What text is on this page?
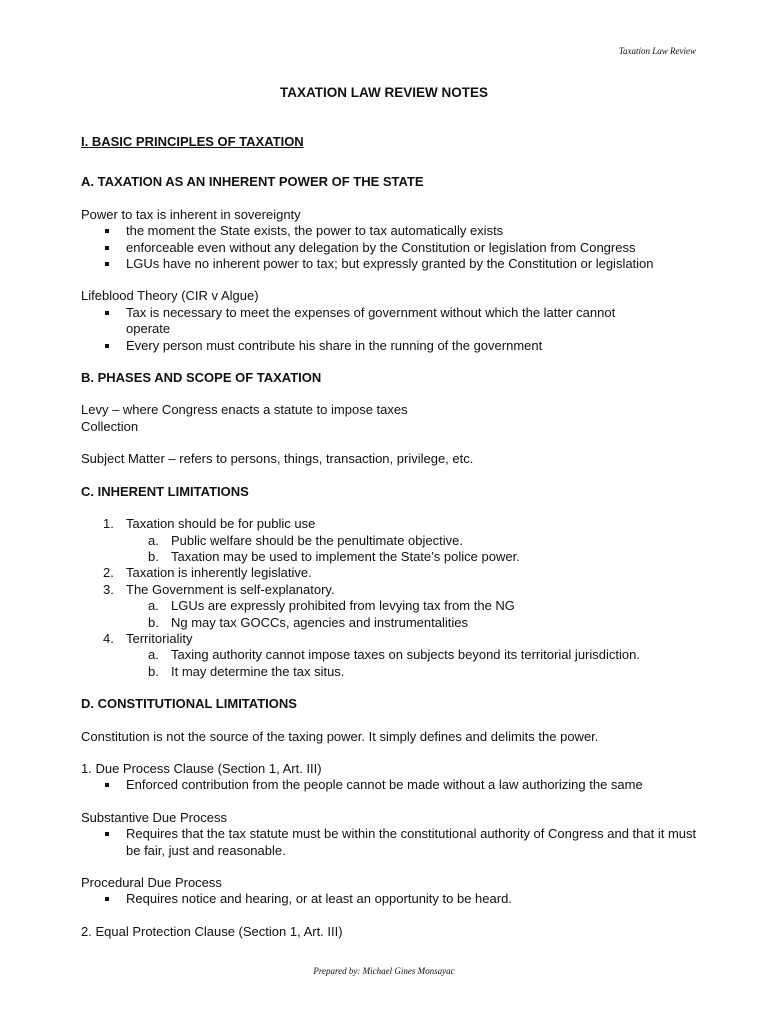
Taxation Law Review
TAXATION LAW REVIEW NOTES

I. BASIC PRINCIPLES OF TAXATION

A. TAXATION AS AN INHERENT POWER OF THE STATE

Power to tax is inherent in sovereignty

the moment the State exists, the power to tax automatically exists
enforceable even without any delegation by the Constitution or legislation from Congress
LGUs have no inherent power to tax; but expressly granted by the Constitution or legislation

Lifeblood Theory (CIR v Algue)

Tax is necessary to meet the expenses of government without which the latter cannot operate
Every person must contribute his share in the running of the government

B. PHASES AND SCOPE OF TAXATION

Levy – where Congress enacts a statute to impose taxes

Collection

Subject Matter – refers to persons, things, transaction, privilege, etc.

C. INHERENT LIMITATIONS

1. Taxation should be for public use
a. Public welfare should be the penultimate objective.
b. Taxation may be used to implement the State’s police power.
2. Taxation is inherently legislative.
3. The Government is self-explanatory.
a. LGUs are expressly prohibited from levying tax from the NG
b. Ng may tax GOCCs, agencies and instrumentalities
4. Territoriality
a. Taxing authority cannot impose taxes on subjects beyond its territorial jurisdiction.
b. It may determine the tax situs.

D. CONSTITUTIONAL LIMITATIONS

Constitution is not the source of the taxing power. It simply defines and delimits the power.

1. Due Process Clause (Section 1, Art. III)

Enforced contribution from the people cannot be made without a law authorizing the same

Substantive Due Process

Requires that the tax statute must be within the constitutional authority of Congress and that it must be fair, just and reasonable.

Procedural Due Process

Requires notice and hearing, or at least an opportunity to be heard.

2. Equal Protection Clause (Section 1, Art. III)

Prepared by: Michael Gines Monsayac
